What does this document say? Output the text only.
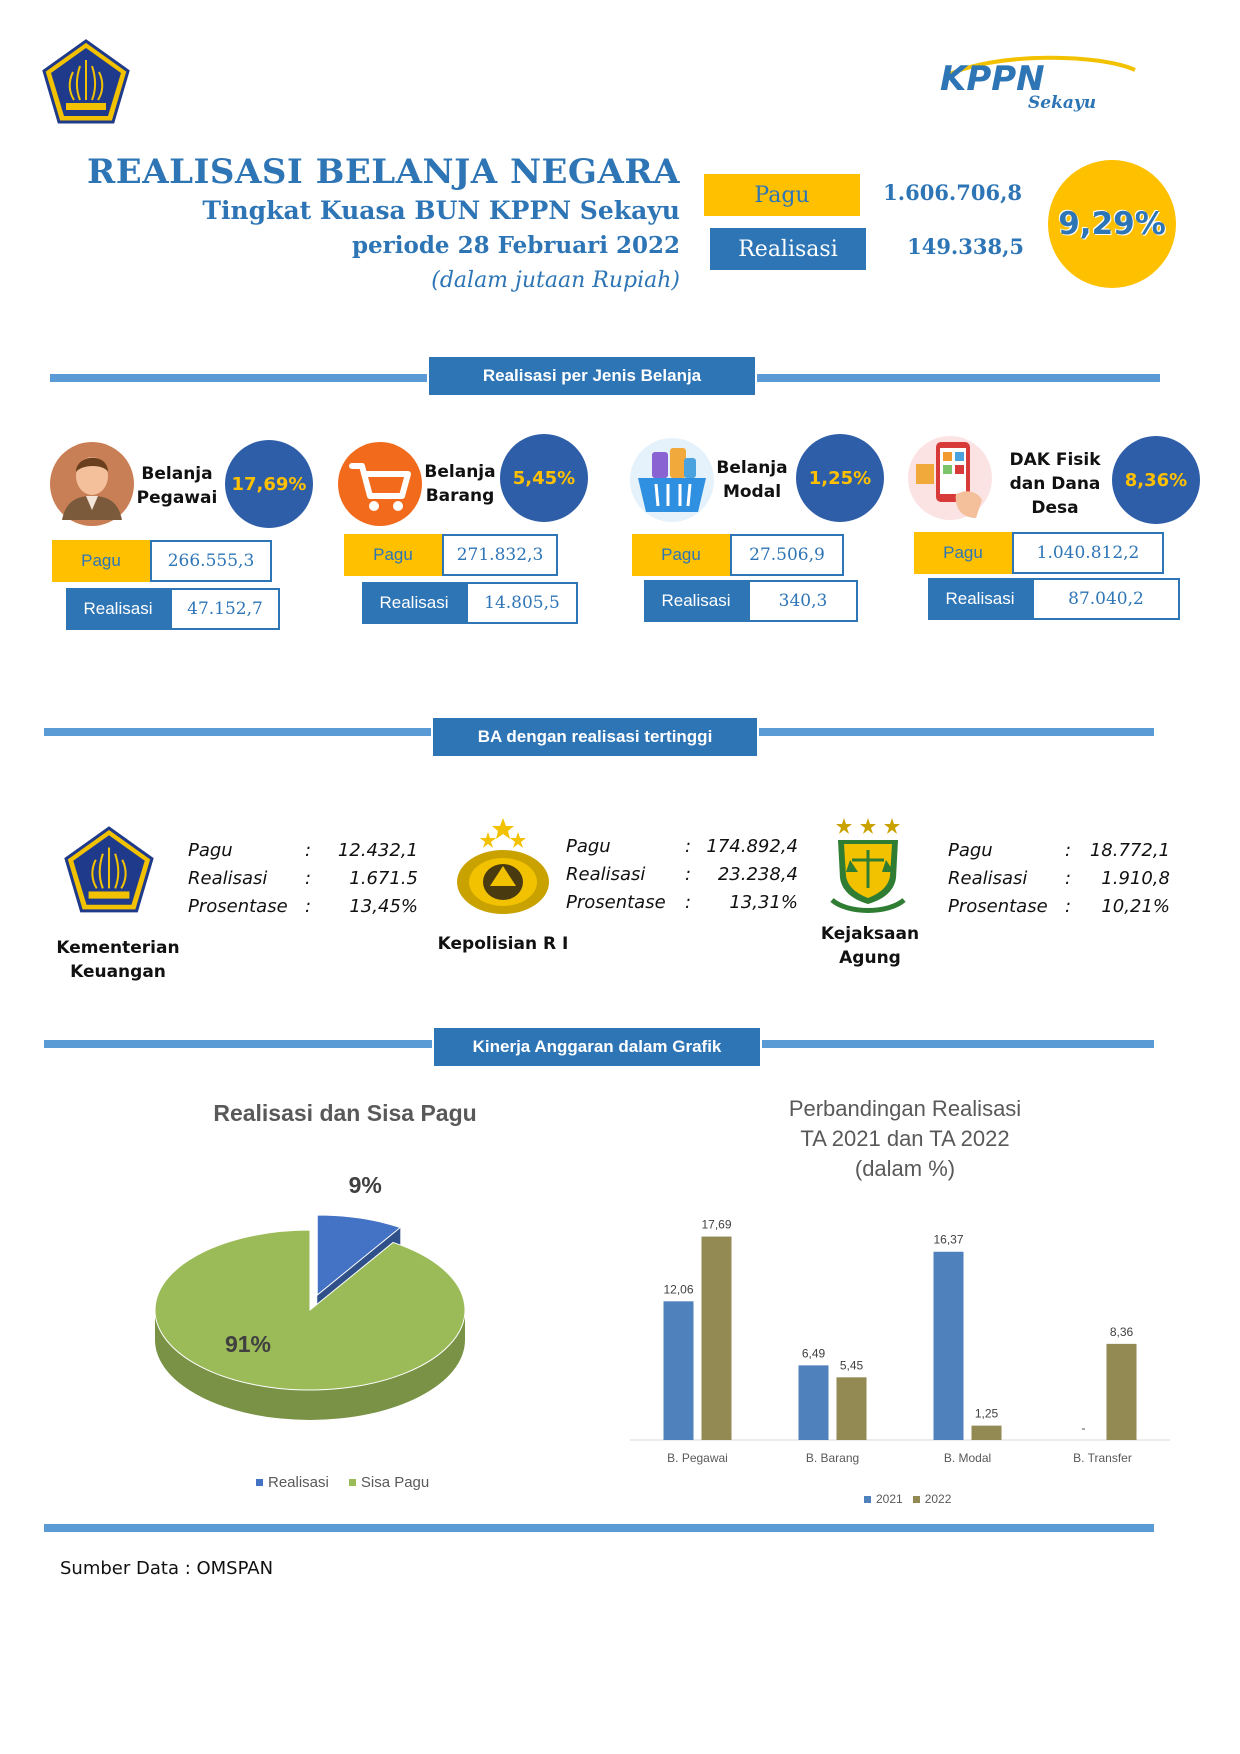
KPPN
Sekayu
REALISASI BELANJA NEGARA
Tingkat Kuasa BUN KPPN Sekayu
periode 28 Februari 2022
(dalam jutaan Rupiah)
Pagu	1.606.706,8
Realisasi	149.338,5
9,29%
Realisasi per Jenis Belanja
Belanja
Pegawai
17,69%
Pagu	266.555,3
Realisasi	47.152,7
Belanja
Barang
5,45%
Pagu	271.832,3
Realisasi	14.805,5
Belanja
Modal
1,25%
Pagu	27.506,9
Realisasi	340,3
DAK Fisik
dan Dana
Desa
8,36%
Pagu	1.040.812,2
Realisasi	87.040,2
BA dengan realisasi tertinggi
Kementerian
Keuangan
Pagu	:	12.432,1
Realisasi	:	1.671.5
Prosentase :	13,45%
Kepolisian R I
Pagu	: 174.892,4
Realisasi	:	23.238,4
Prosentase	:	13,31%
Kejaksaan
Agung
Pagu	:	18.772,1
Realisasi	:	1.910,8
Prosentase :	10,21%
Kinerja Anggaran dalam Grafik
Realisasi dan Sisa Pagu
9%
91%
Realisasi Sisa Pagu
Perbandingan Realisasi
TA 2021 dan TA 2022
(dalam %)
12,06
17,69
B. Pegawai
6,49
5,45
B. Barang
16,37
1,25
B. Modal
-
8,36
B. Transfer
2021 2022
Sumber Data : OMSPAN
